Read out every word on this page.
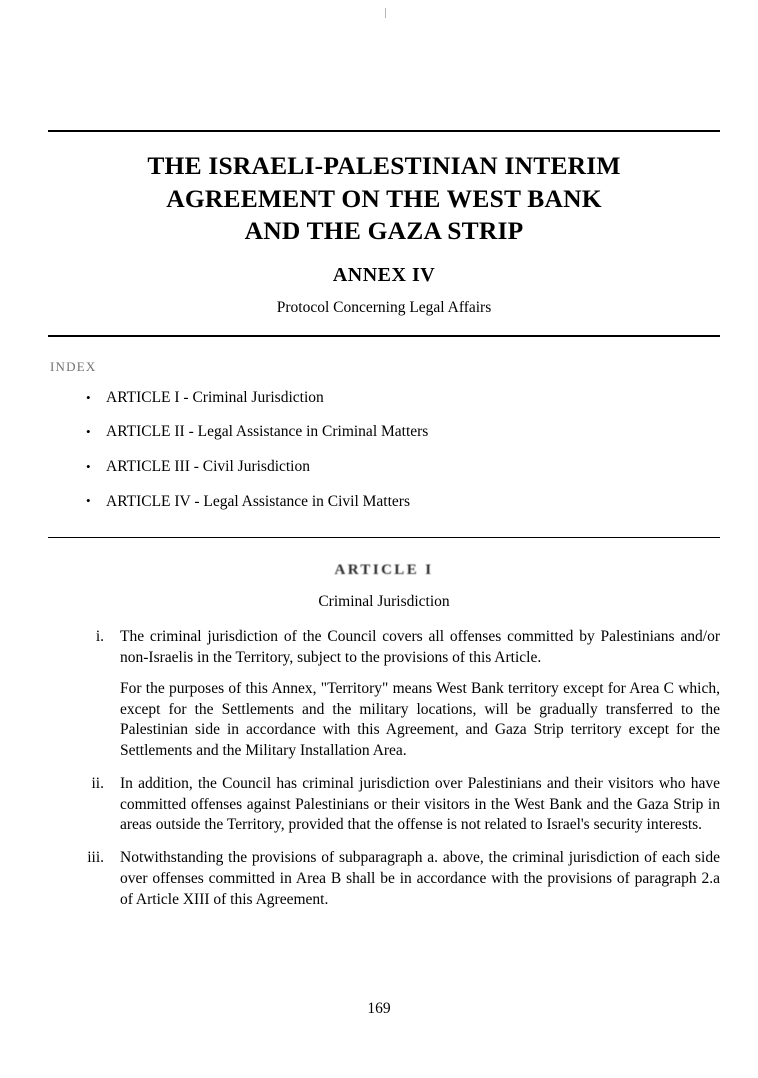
THE ISRAELI-PALESTINIAN INTERIM
AGREEMENT ON THE WEST BANK
AND THE GAZA STRIP
ANNEX IV
Protocol Concerning Legal Affairs
INDEX
• ARTICLE I - Criminal Jurisdiction
• ARTICLE II - Legal Assistance in Criminal Matters
• ARTICLE III - Civil Jurisdiction
• ARTICLE IV - Legal Assistance in Civil Matters
ARTICLE I
Criminal Jurisdiction
i. The criminal jurisdiction of the Council covers all offenses committed by Palestinians and/or non-Israelis in the Territory, subject to the provisions of this Article.

For the purposes of this Annex, "Territory" means West Bank territory except for Area C which, except for the Settlements and the military locations, will be gradually transferred to the Palestinian side in accordance with this Agreement, and Gaza Strip territory except for the Settlements and the Military Installation Area.

ii. In addition, the Council has criminal jurisdiction over Palestinians and their visitors who have committed offenses against Palestinians or their visitors in the West Bank and the Gaza Strip in areas outside the Territory, provided that the offense is not related to Israel's security interests.

iii. Notwithstanding the provisions of subparagraph a. above, the criminal jurisdiction of each side over offenses committed in Area B shall be in accordance with the provisions of paragraph 2.a of Article XIII of this Agreement.

169
